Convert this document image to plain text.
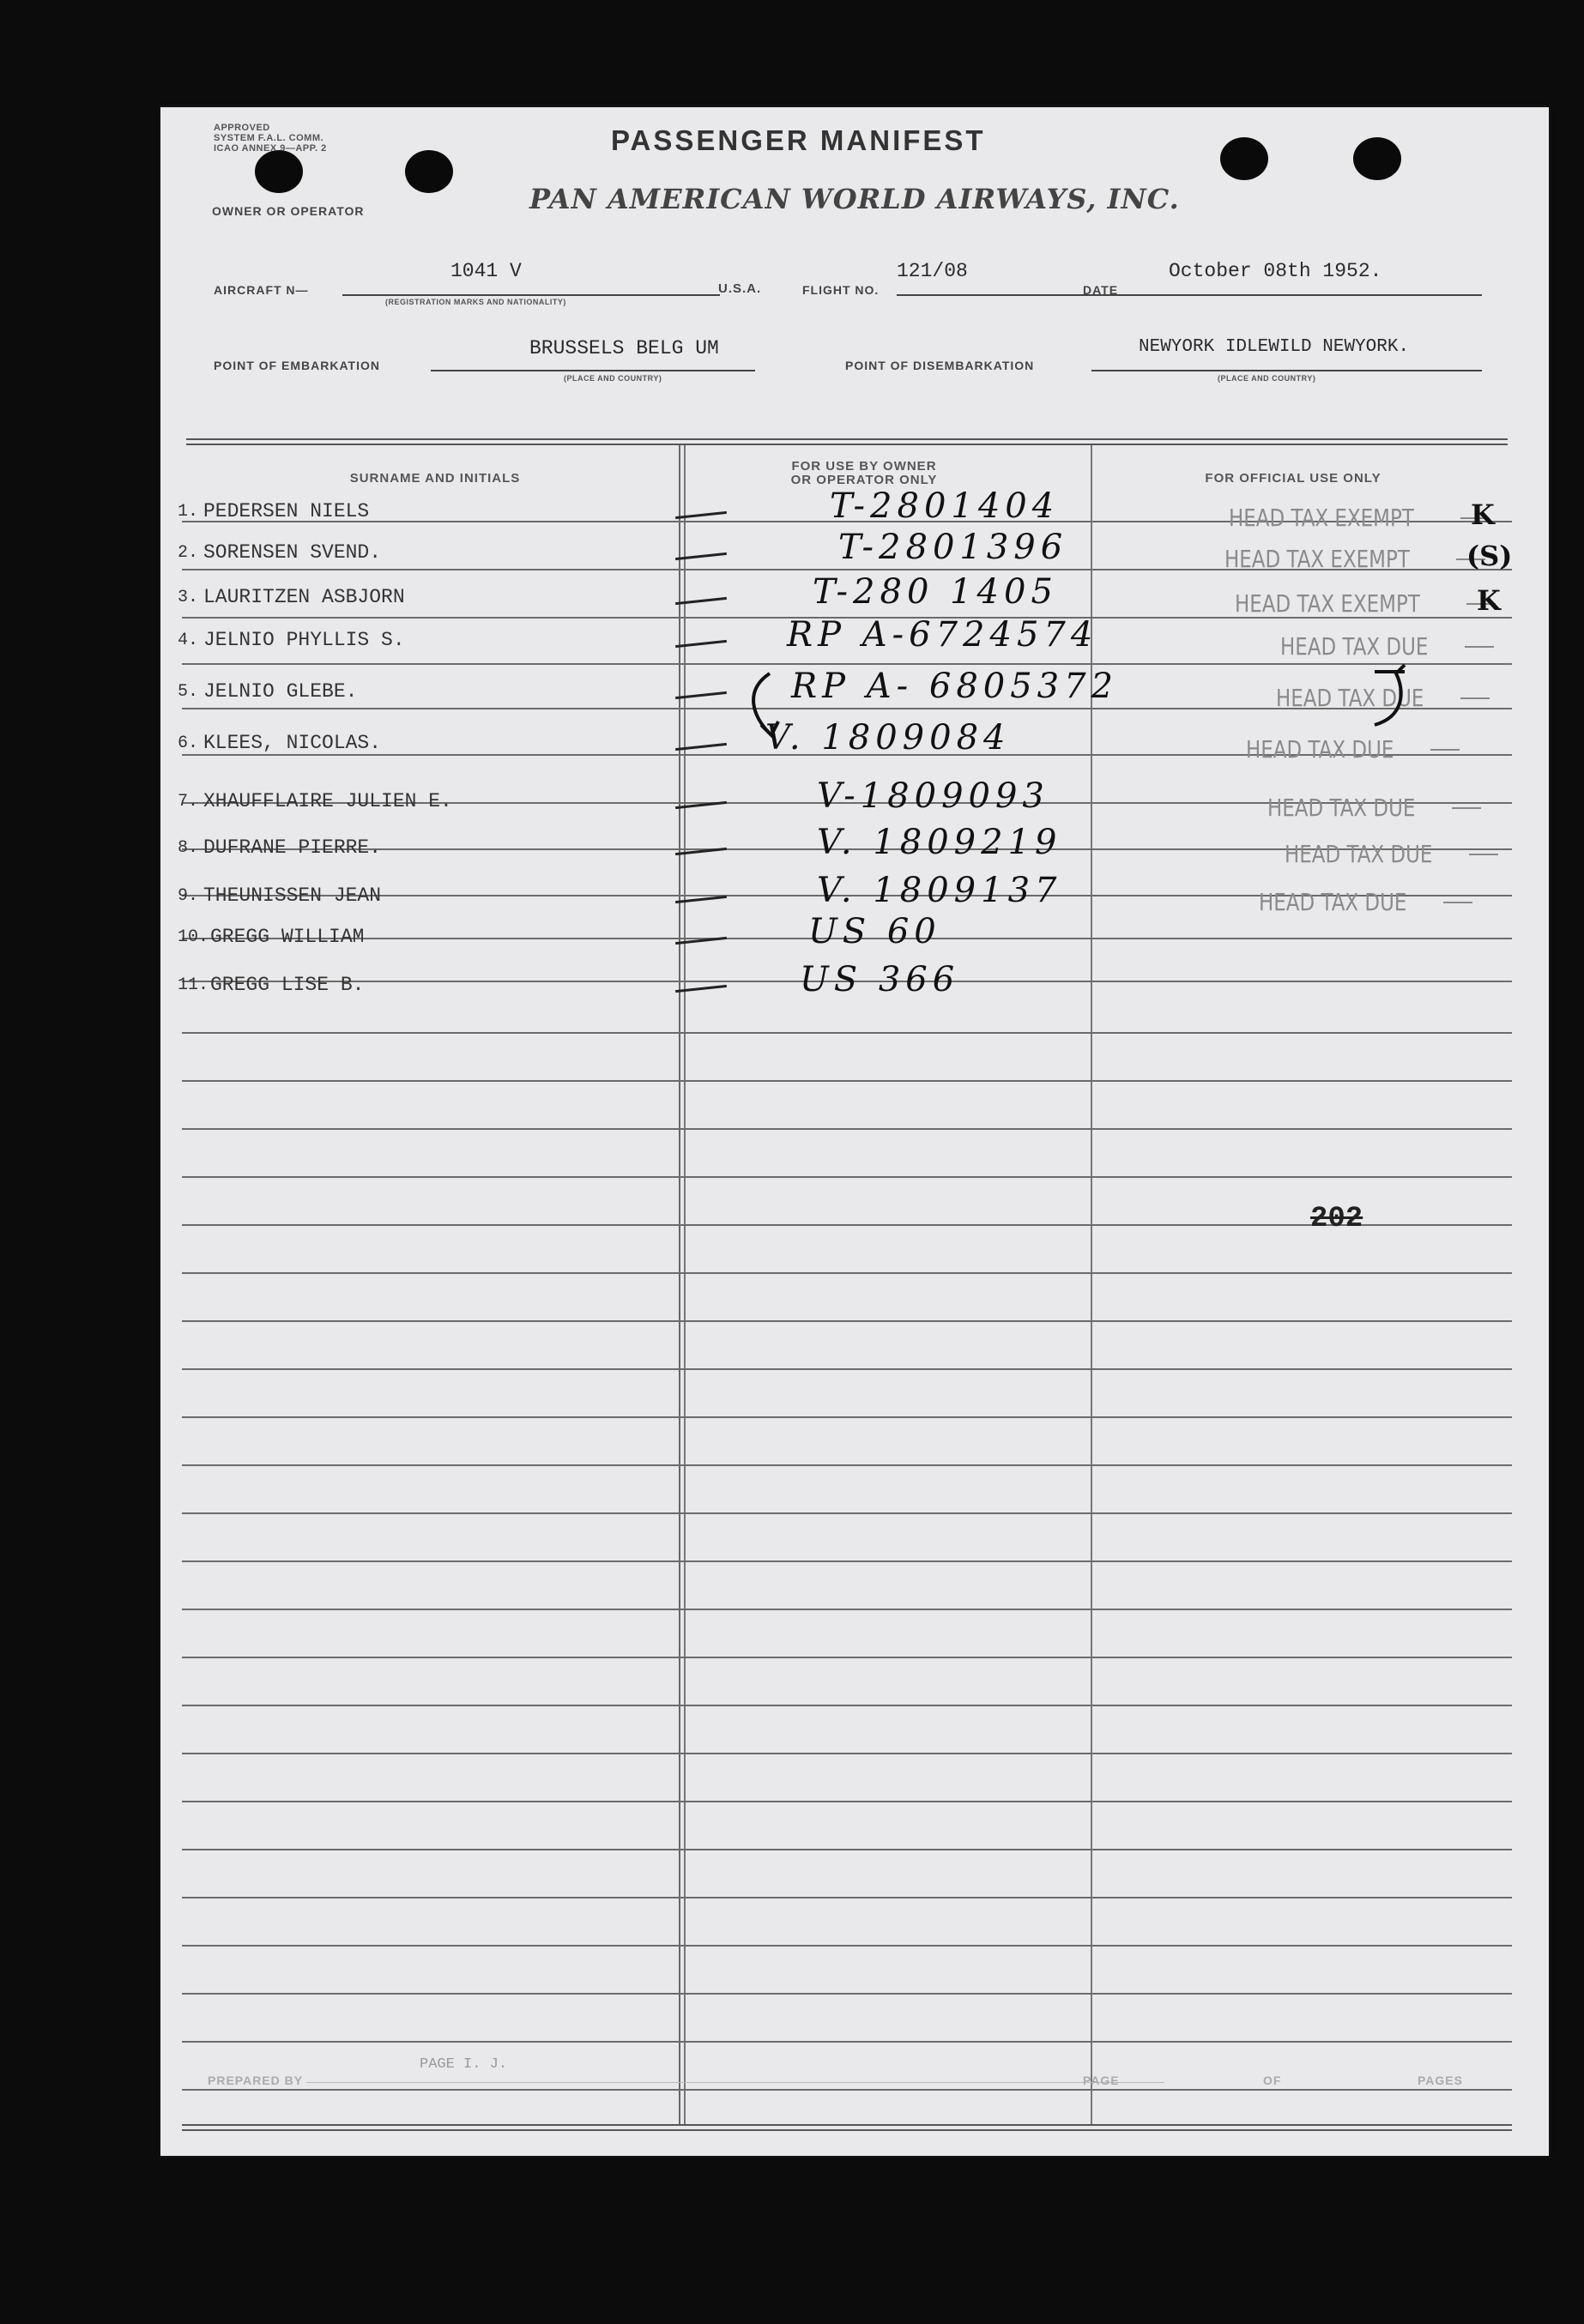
APPROVED
SYSTEM F.A.L. COMM.
ICAO ANNEX 9—APP. 2
OWNER OR OPERATOR
PASSENGER MANIFEST
PAN AMERICAN WORLD AIRWAYS, INC.
AIRCRAFT N—
1041 V
(REGISTRATION MARKS AND NATIONALITY)
U.S.A.	FLIGHT NO.
121/08
DATE
October 08th 1952.
POINT OF EMBARKATION
BRUSSELS BELG UM
(PLACE AND COUNTRY)
POINT OF DISEMBARKATION
NEWYORK IDLEWILD NEWYORK.
(PLACE AND COUNTRY)
SURNAME AND INITIALS
FOR USE BY OWNER
OR OPERATOR ONLY	FOR OFFICIAL USE ONLY
1. PEDERSEN NIELS	T-2801404	HEAD TAX EXEMPT K
2. SORENSEN SVEND.	T-2801396	HEAD TAX EXEMPT (S)
3. LAURITZEN ASBJORN	T-280 1405	HEAD TAX EXEMPT K
4. JELNIO PHYLLIS S.	RP A-6724574	HEAD TAX DUE
5. JELNIO GLEBE.	RP A- 6805372	HEAD TAX DUE
6. KLEES, NICOLAS.	V. 1809084	HEAD TAX DUE
7. XHAUFFLAIRE JULIEN E.	V-1809093	HEAD TAX DUE
8. DUFRANE PIERRE.	V. 1809219	HEAD TAX DUE
9. THEUNISSEN JEAN	V. 1809137	HEAD TAX DUE
10. GREGG WILLIAM	US 60
11. GREGG LISE B.	US 366
202
PREPARED BY
PAGE I. J.
PAGE	OF	PAGES
